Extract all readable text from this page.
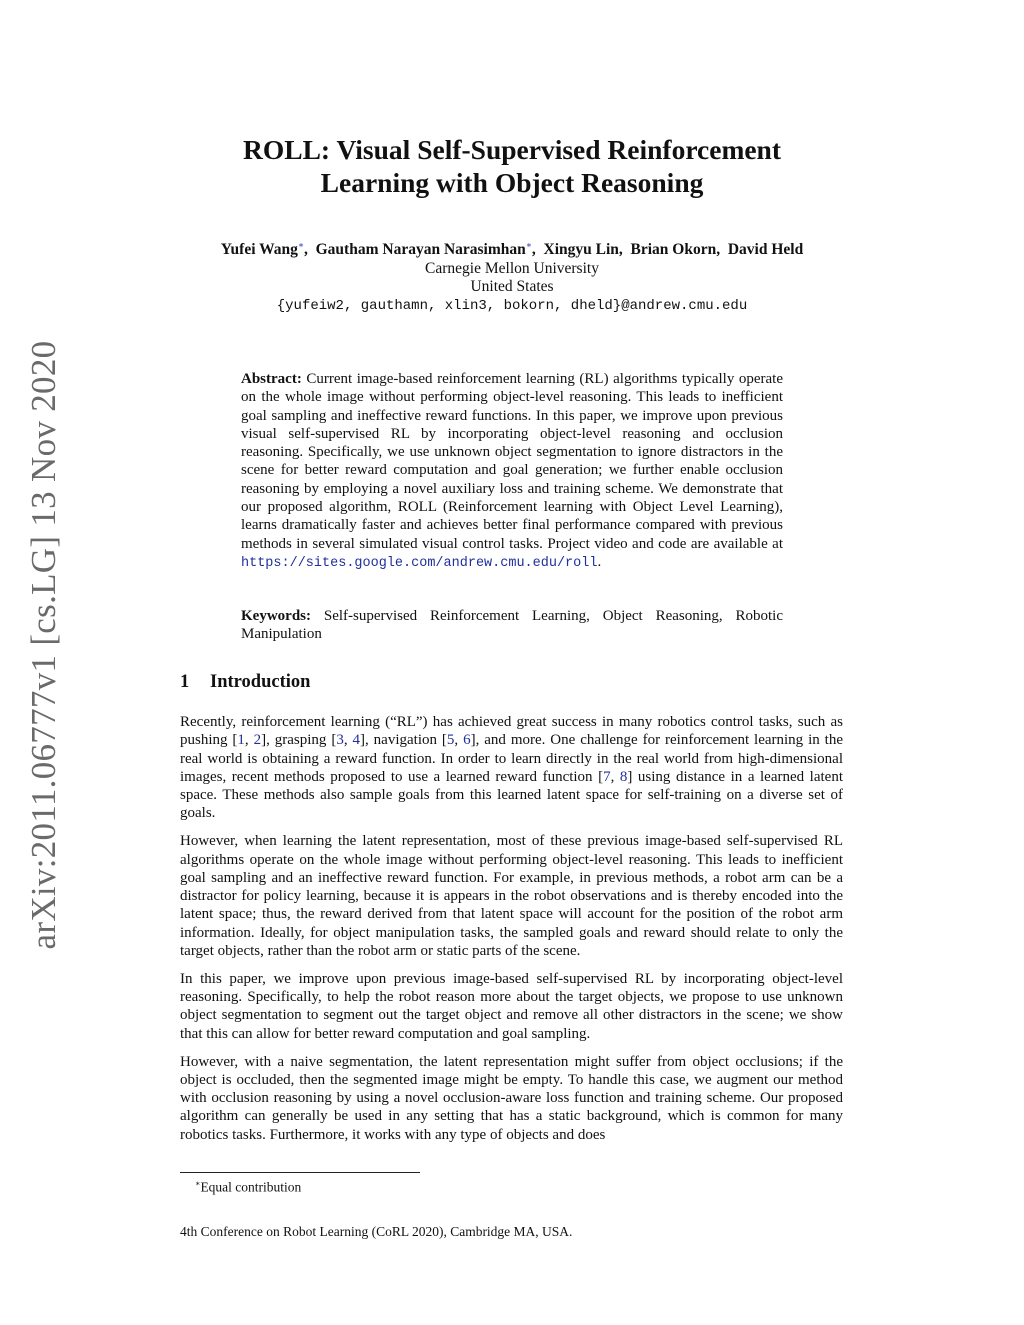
arXiv:2011.06777v1 [cs.LG] 13 Nov 2020
ROLL: Visual Self-Supervised Reinforcement
Learning with Object Reasoning
Yufei Wang∗,  Gautham Narayan Narasimhan∗,  Xingyu Lin,  Brian Okorn,  David Held
Carnegie Mellon University
United States
{yufeiw2, gauthamn, xlin3, bokorn, dheld}@andrew.cmu.edu

Abstract: Current image-based reinforcement learning (RL) algorithms typically operate on the whole image without performing object-level reasoning. This leads to inefficient goal sampling and ineffective reward functions. In this paper, we improve upon previous visual self-supervised RL by incorporating object-level reasoning and occlusion reasoning. Specifically, we use unknown object segmentation to ignore distractors in the scene for better reward computation and goal generation; we further enable occlusion reasoning by employing a novel auxiliary loss and training scheme. We demonstrate that our proposed algorithm, ROLL (Reinforcement learning with Object Level Learning), learns dramatically faster and achieves better final performance compared with previous methods in several simulated visual control tasks. Project video and code are available at https://sites.google.com/andrew.cmu.edu/roll.

Keywords: Self-supervised Reinforcement Learning, Object Reasoning, Robotic Manipulation

1 Introduction

Recently, reinforcement learning (“RL”) has achieved great success in many robotics control tasks, such as pushing [1, 2], grasping [3, 4], navigation [5, 6], and more. One challenge for reinforcement learning in the real world is obtaining a reward function. In order to learn directly in the real world from high-dimensional images, recent methods proposed to use a learned reward function [7, 8] using distance in a learned latent space. These methods also sample goals from this learned latent space for self-training on a diverse set of goals.

However, when learning the latent representation, most of these previous image-based self-supervised RL algorithms operate on the whole image without performing object-level reasoning. This leads to inefficient goal sampling and an ineffective reward function. For example, in previous methods, a robot arm can be a distractor for policy learning, because it is appears in the robot observations and is thereby encoded into the latent space; thus, the reward derived from that latent space will account for the position of the robot arm information. Ideally, for object manipulation tasks, the sampled goals and reward should relate to only the target objects, rather than the robot arm or static parts of the scene.

In this paper, we improve upon previous image-based self-supervised RL by incorporating object-level reasoning. Specifically, to help the robot reason more about the target objects, we propose to use unknown object segmentation to segment out the target object and remove all other distractors in the scene; we show that this can allow for better reward computation and goal sampling.

However, with a naive segmentation, the latent representation might suffer from object occlusions; if the object is occluded, then the segmented image might be empty. To handle this case, we augment our method with occlusion reasoning by using a novel occlusion-aware loss function and training scheme. Our proposed algorithm can generally be used in any setting that has a static background, which is common for many robotics tasks. Furthermore, it works with any type of objects and does

∗Equal contribution
4th Conference on Robot Learning (CoRL 2020), Cambridge MA, USA.
